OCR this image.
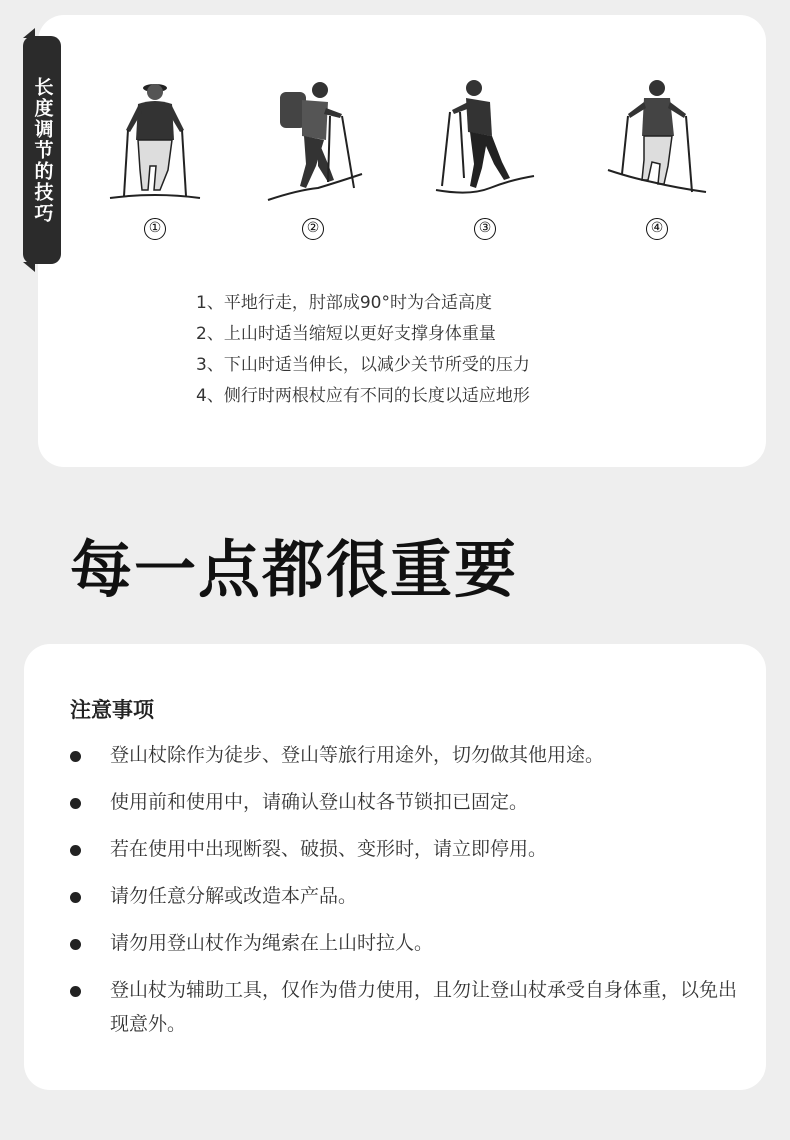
长度调节的技巧
①	②	③	④
1、平地行走，肘部成90°时为合适高度
2、上山时适当缩短以更好支撑身体重量
3、下山时适当伸长，以减少关节所受的压力
4、侧行时两根杖应有不同的长度以适应地形
每一点都很重要
注意事项
登山杖除作为徒步、登山等旅行用途外，切勿做其他用途。
使用前和使用中，请确认登山杖各节锁扣已固定。
若在使用中出现断裂、破损、变形时，请立即停用。
请勿任意分解或改造本产品。
请勿用登山杖作为绳索在上山时拉人。
登山杖为辅助工具，仅作为借力使用，且勿让登山杖承受自身体重，以免出现意外。
